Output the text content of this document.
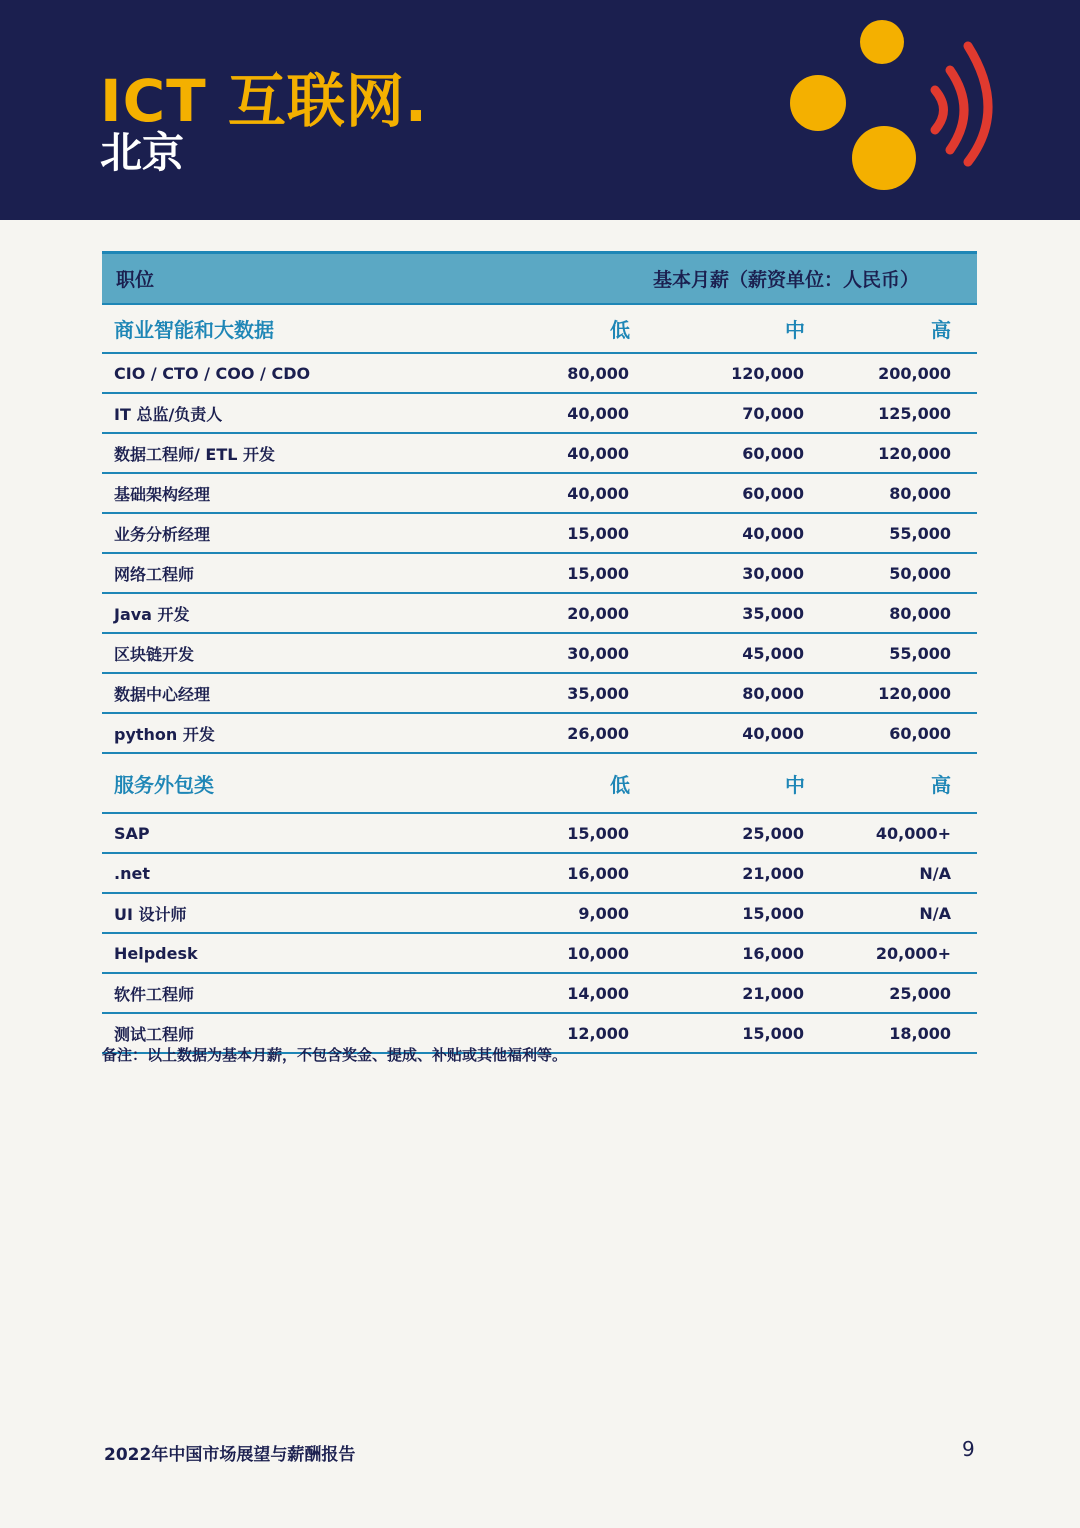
ICT 互联网.
北京
职位	基本月薪（薪资单位：人民币）		
商业智能和大数据	低	中	高
CIO / CTO / COO / CDO	80,000	120,000	200,000
IT 总监/负责人	40,000	70,000	125,000
数据工程师/ ETL 开发	40,000	60,000	120,000
基础架构经理	40,000	60,000	80,000
业务分析经理	15,000	40,000	55,000
网络工程师	15,000	30,000	50,000
Java 开发	20,000	35,000	80,000
区块链开发	30,000	45,000	55,000
数据中心经理	35,000	80,000	120,000
python 开发	26,000	40,000	60,000
服务外包类	低	中	高
SAP	15,000	25,000	40,000+
.net	16,000	21,000	N/A
UI 设计师	9,000	15,000	N/A
Helpdesk	10,000	16,000	20,000+
软件工程师	14,000	21,000	25,000
测试工程师	12,000	15,000	18,000
备注：以上数据为基本月薪，不包含奖金、提成、补贴或其他福利等。
2022年中国市场展望与薪酬报告	9
